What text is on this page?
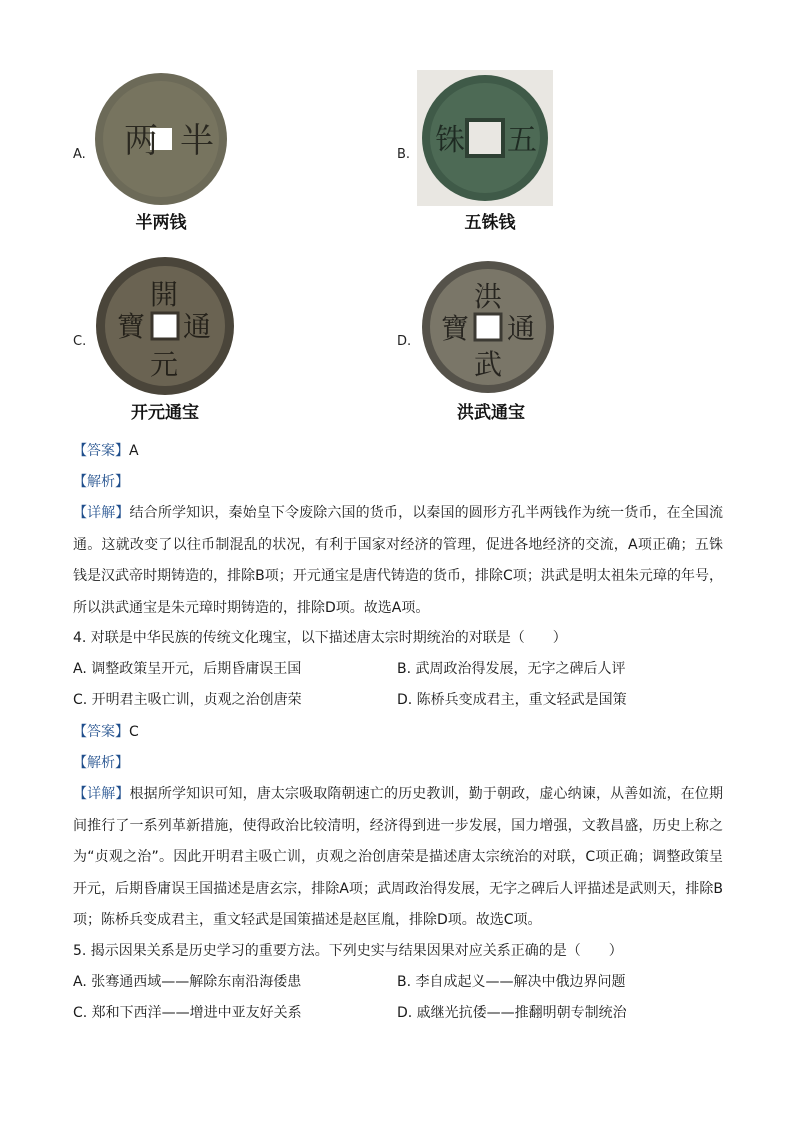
A. 两 半
半两钱
B. 铢 五
五铢钱
C.
開
通
元
寶
开元通宝
D.
洪
通
武
寶
洪武通宝
【答案】A
【解析】
【详解】结合所学知识，秦始皇下令废除六国的货币，以秦国的圆形方孔半两钱作为统一货币，在全国流通。这就改变了以往币制混乱的状况，有利于国家对经济的管理，促进各地经济的交流，A项正确；五铢钱是汉武帝时期铸造的，排除B项；开元通宝是唐代铸造的货币，排除C项；洪武是明太祖朱元璋的年号，所以洪武通宝是朱元璋时期铸造的，排除D项。故选A项。
4. 对联是中华民族的传统文化瑰宝，以下描述唐太宗时期统治的对联是（　　）
A. 调整政策呈开元，后期昏庸误王国	B. 武周政治得发展，无字之碑后人评
C. 开明君主吸亡训，贞观之治创唐荣	D. 陈桥兵变成君主，重文轻武是国策
【答案】C
【解析】
【详解】根据所学知识可知，唐太宗吸取隋朝速亡的历史教训，勤于朝政，虚心纳谏，从善如流，在位期间推行了一系列革新措施，使得政治比较清明，经济得到进一步发展，国力增强，文教昌盛，历史上称之为“贞观之治”。因此开明君主吸亡训，贞观之治创唐荣是描述唐太宗统治的对联，C项正确；调整政策呈开元，后期昏庸误王国描述是唐玄宗，排除A项；武周政治得发展，无字之碑后人评描述是武则天，排除B项；陈桥兵变成君主，重文轻武是国策描述是赵匡胤，排除D项。故选C项。
5. 揭示因果关系是历史学习的重要方法。下列史实与结果因果对应关系正确的是（　　）
A. 张骞通西域——解除东南沿海倭患	B. 李自成起义——解决中俄边界问题
C. 郑和下西洋——增进中亚友好关系	D. 戚继光抗倭——推翻明朝专制统治
